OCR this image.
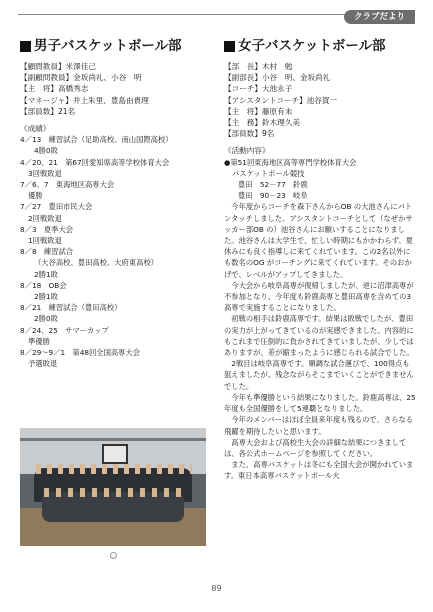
クラブだより
男子バスケットボール部
【顧問教員】米澤佳己
【副顧問教員】金坂尚礼、小谷　明
【主　将】高橋秀志
【マネージャ】井上朱里、豊島由貴理
【部員数】21名
《成績》
4／13　練習試合（足助高校、南山国際高校）
4勝0敗
4／20、21　第67回愛知県高等学校体育大会
3回戦敗退
7／6、7　東海地区高専大会
優勝
7／27　豊田市民大会
2回戦敗退
8／3　夏季大会
1回戦敗退
8／8　練習試合
（大谷高校、豊田高校、大府東高校）
2勝1敗
8／18　OB会
2勝1敗
8／21　練習試合（豊田高校）
2勝0敗
8／24、25　サマーカップ
準優勝
8／29～9／1　第48回全国高専大会
予選敗退
女子バスケットボール部
【部　長】木村　勉
【副部長】小谷　明、金坂尚礼
【コーチ】大池永子
【アシスタントコーチ】池谷賀一
【主　将】藤原有未
【主　務】鈴木理久美
【部員数】9名
《活動内容》
●第51回東海地区高等専門学校体育大会
バスケットボール競技
豊田　52－77　鈴鹿
豊田　90－23　岐阜

　今年度からコーチを森下さんからOB の大池さんにバトンタッチしました。アシスタントコーチとして（なぜかサッカー部OB の）池谷さんにお願いすることになりました。池谷さんは大学生で、忙しい時期にもかかわらず、夏休みにも良く指導しに来てくれています。この2名以外にも数名のOG がコーチングに来てくれています。そのおかげで、レベルがアップしてきました。

　今大会から岐阜高専が復帰しましたが、逆に沼津高専が不参加となり、今年度も鈴鹿高専と豊田高専を含めての3高専で実施することになりました。

　初戦の相手は鈴鹿高専です。結果は敗戦でしたが、豊田の実力が上がってきているのが実感できました。内容的にもこれまで圧倒的に負かされてきていましたが、少しではありますが、差が縮まったように感じられる試合でした。

　2戦目は岐阜高専です。順調な試合運びで、100得点も狙えましたが、残念ながらそこまでいくことができませんでした。

　今年も準優勝という結果になりました。鈴鹿高専は、25年度も全国優勝をして5連覇となりました。

　今年のメンバーはほぼ全員来年度も残るので、さらなる飛躍を期待したいと思います。

　高専大会および高校生大会の詳細な結果につきましては、各公式ホームページを参照してください。

　また、高専バスケットは冬にも全国大会が開かれています。東日本高専バスケットボール大

89
